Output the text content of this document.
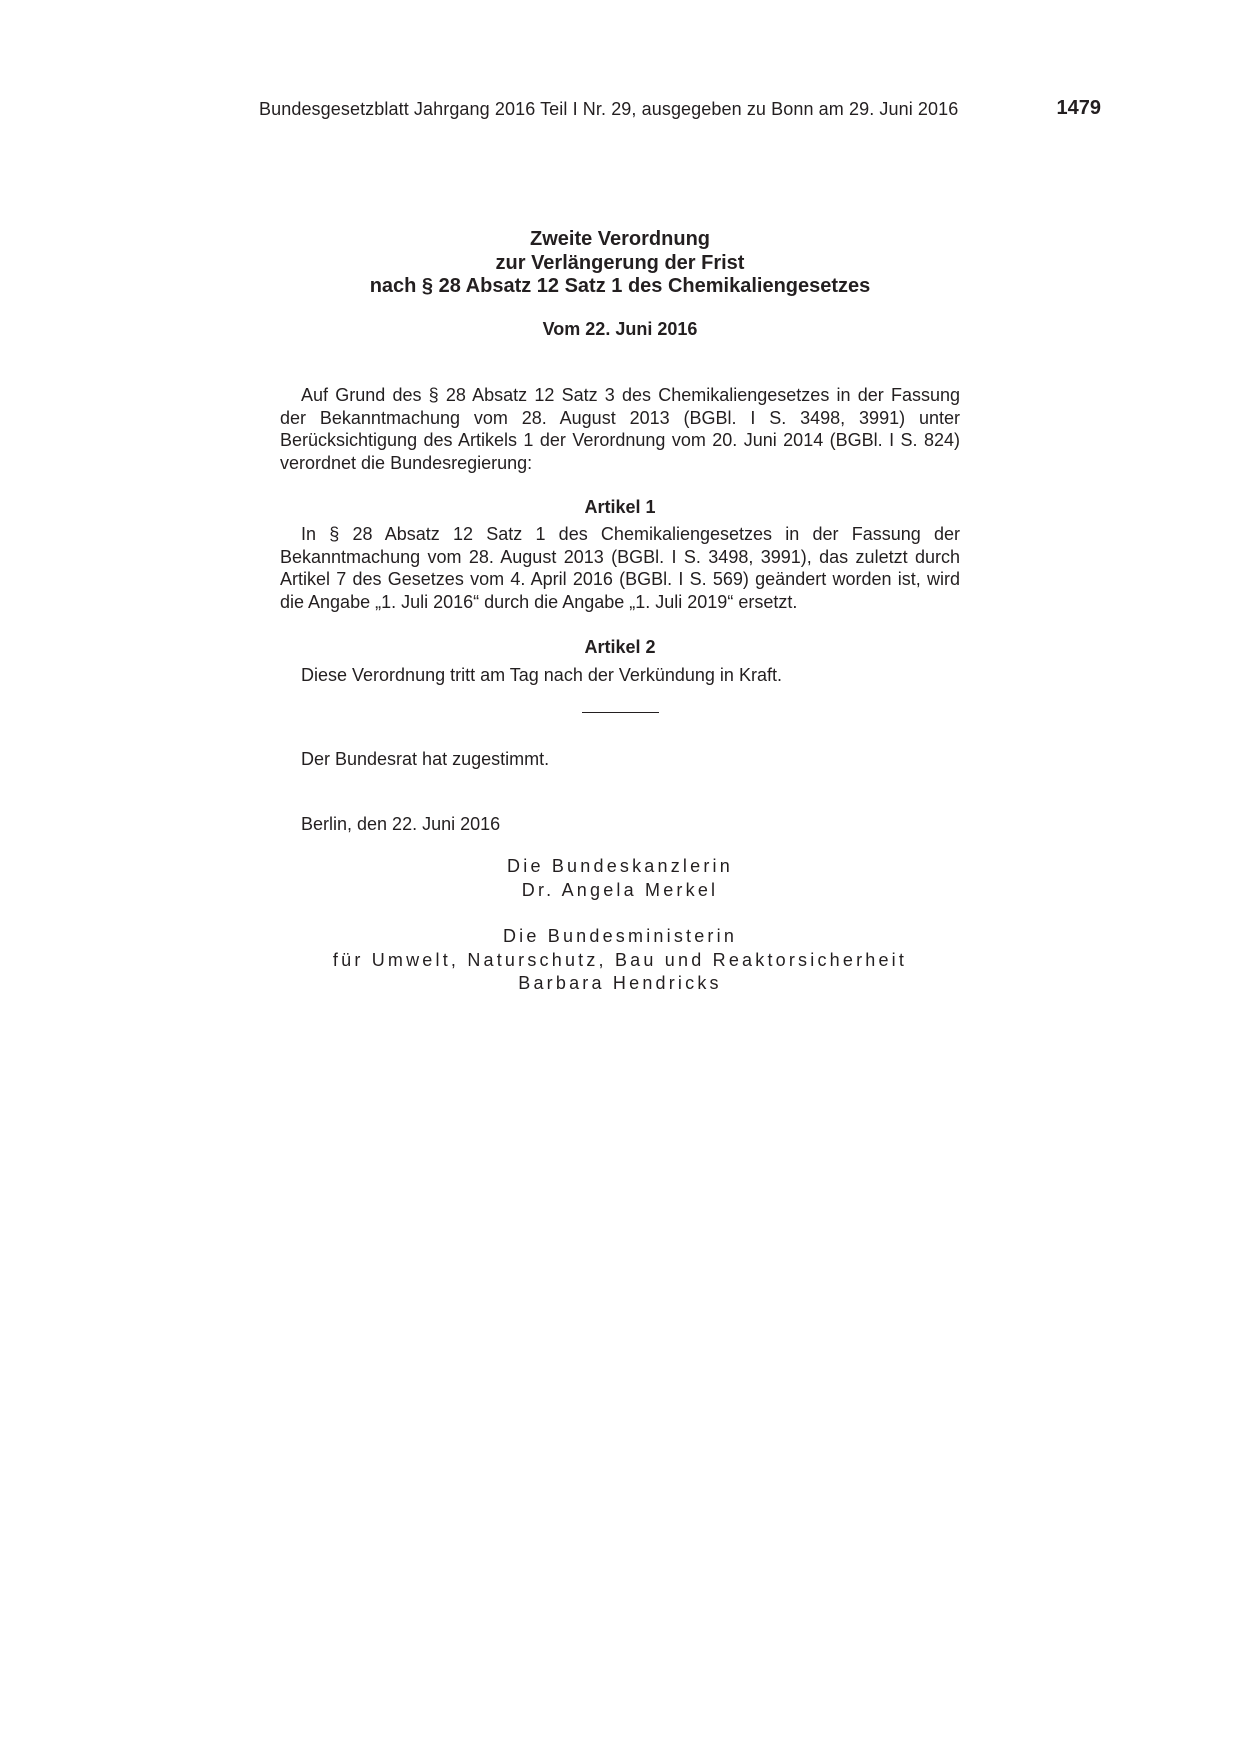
Bundesgesetzblatt Jahrgang 2016 Teil I Nr. 29, ausgegeben zu Bonn am 29. Juni 2016	1479
Zweite Verordnung
zur Verlängerung der Frist
nach § 28 Absatz 12 Satz 1 des Chemikaliengesetzes
Vom 22. Juni 2016

Auf Grund des § 28 Absatz 12 Satz 3 des Chemikaliengesetzes in der Fassung der Bekanntmachung vom 28. August 2013 (BGBl. I S. 3498, 3991) unter Berücksichtigung des Artikels 1 der Verordnung vom 20. Juni 2014 (BGBl. I S. 824) verordnet die Bundesregierung:

Artikel 1

In § 28 Absatz 12 Satz 1 des Chemikaliengesetzes in der Fassung der Bekanntmachung vom 28. August 2013 (BGBl. I S. 3498, 3991), das zuletzt durch Artikel 7 des Gesetzes vom 4. April 2016 (BGBl. I S. 569) geändert worden ist, wird die Angabe „1. Juli 2016“ durch die Angabe „1. Juli 2019“ ersetzt.

Artikel 2

Diese Verordnung tritt am Tag nach der Verkündung in Kraft.

Der Bundesrat hat zugestimmt.

Berlin, den 22. Juni 2016

Die Bundeskanzlerin
Dr. Angela Merkel
Die Bundesministerin
für Umwelt, Naturschutz, Bau und Reaktorsicherheit
Barbara Hendricks
